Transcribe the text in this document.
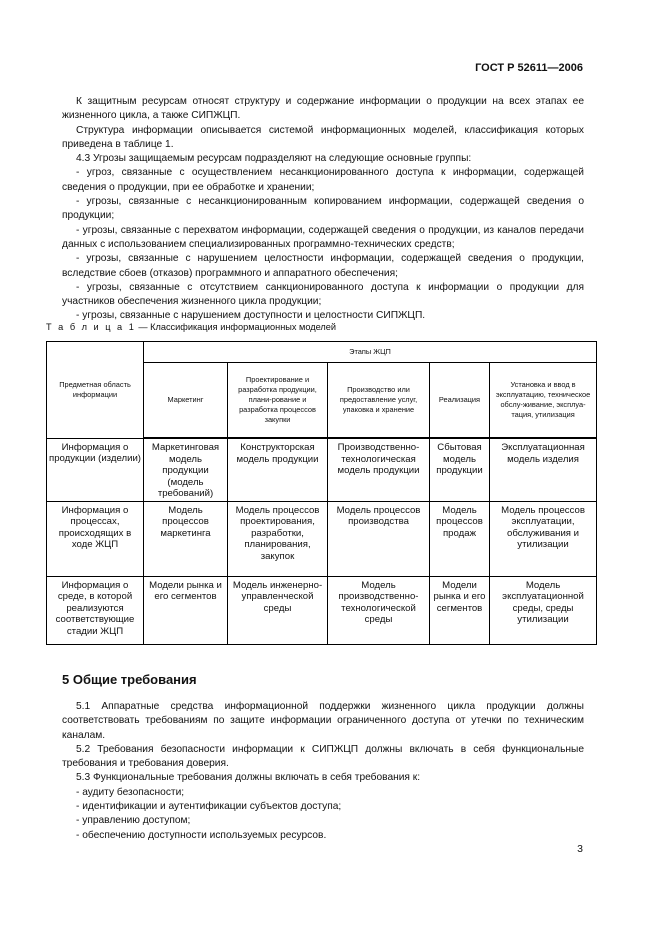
ГОСТ Р 52611—2006

К защитным ресурсам относят структуру и содержание информации о продукции на всех этапах ее жизненного цикла, а также СИПЖЦП.

Структура информации описывается системой информационных моделей, классификация которых приведена в таблице 1.

4.3 Угрозы защищаемым ресурсам подразделяют на следующие основные группы:

- угроз, связанные с осуществлением несанкционированного доступа к информации, содержащей сведения о продукции, при ее обработке и хранении;

- угрозы, связанные с несанкционированным копированием информации, содержащей сведения о продукции;

- угрозы, связанные с перехватом информации, содержащей сведения о продукции, из каналов передачи данных с использованием специализированных программно-технических средств;

- угрозы, связанные с нарушением целостности информации, содержащей сведения о продукции, вследствие сбоев (отказов) программного и аппаратного обеспечения;

- угрозы, связанные с отсутствием санкционированного доступа к информации о продукции для участников обеспечения жизненного цикла продукции;

- угрозы, связанные с нарушением доступности и целостности СИПЖЦП.

Т а б л и ц а 1 — Классификация информационных моделей
Предметная область информации	Этапы ЖЦП				
	Маркетинг	Проектирование и разработка продукции, плани-рование и разработка процессов закупки	Производство или предоставление услуг, упаковка и хранение	Реализация	Установка и ввод в эксплуатацию, техническое обслу-живание, эксплуа-тация, утилизация
Информация о продукции (изделии)	Маркетинговая модель продукции (модель требований)	Конструкторская модель продукции	Производственно-технологическая модель продукции	Сбытовая модель продукции	Эксплуатационная модель изделия
Информация о процессах, происходящих в ходе ЖЦП	Модель процессов маркетинга	Модель процессов проектирования, разработки, планирования, закупок	Модель процессов производства	Модель процессов продаж	Модель процессов эксплуатации, обслуживания и утилизации
Информация о среде, в которой реализуются соответствующие стадии ЖЦП	Модели рынка и его сегментов	Модель инженерно-управленческой среды	Модель производственно-технологической среды	Модели рынка и его сегментов	Модель эксплуатационной среды, среды утилизации
5 Общие требования

5.1 Аппаратные средства информационной поддержки жизненного цикла продукции должны соответствовать требованиям по защите информации ограниченного доступа от утечки по техническим каналам.

5.2 Требования безопасности информации к СИПЖЦП должны включать в себя функциональные требования и требования доверия.

5.3 Функциональные требования должны включать в себя требования к:

- аудиту безопасности;

- идентификации и аутентификации субъектов доступа;

- управлению доступом;

- обеспечению доступности используемых ресурсов.

3
